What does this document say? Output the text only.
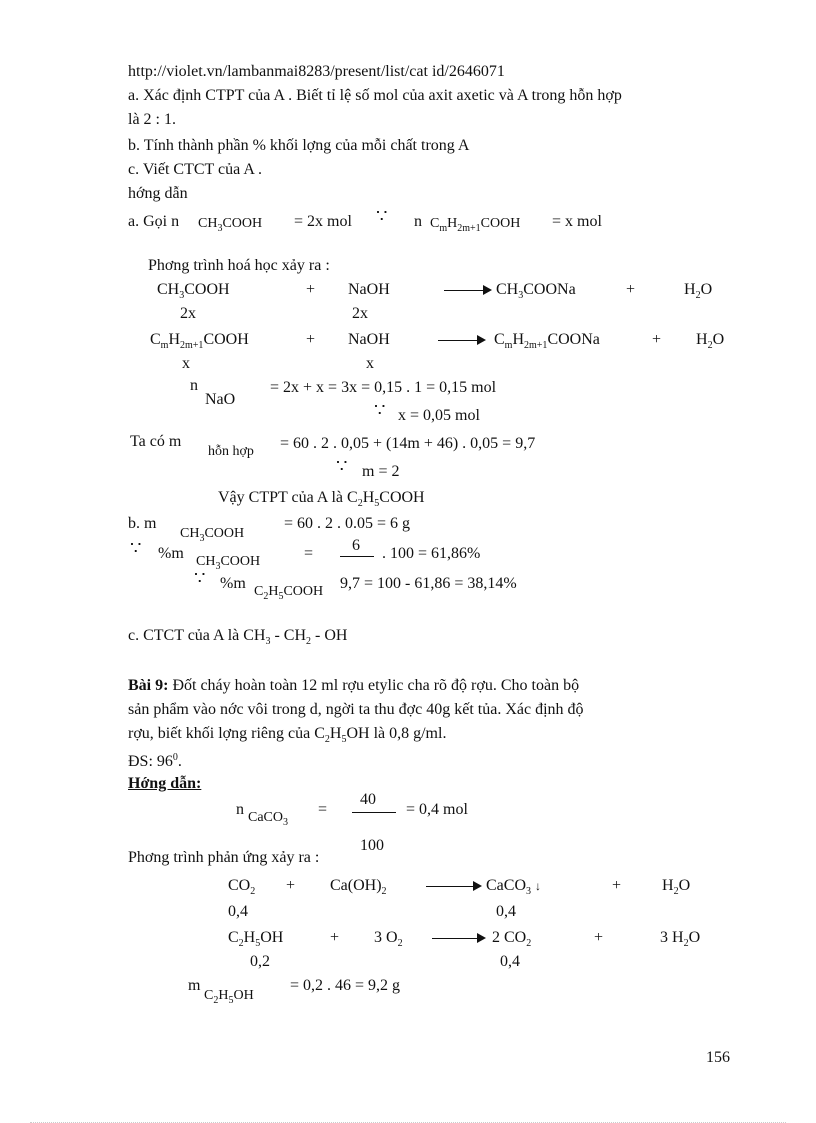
http://violet.vn/lambanmai8283/present/list/cat id/2646071
a. Xác định CTPT của A . Biết tỉ lệ số mol của axit axetic và A trong hỗn hợp
là 2 : 1.
b. Tính thành phần % khối lợng của mỗi chất trong A
c. Viết CTCT của A .
hớng dẫn
a. Gọi n $CH_3COOH = 2x$ mol ∵ n $C_mH_{2m+1}COOH = x$ mol
Phơng trình hoá học xảy ra :
$CH_3COOH$	+ NaOH	→ $CH_3COONa$	+	$H_2O$
2x	2x
$C_mH_{2m+1}COOH$	+ NaOH	→ $C_mH_{2m+1}COONa$	+ $H_2O$
x	x
n
NaO
= 2x + x = 3x = 0,15 . 1 = 0,15 mol
∵ x = 0,05 mol
Ta có m
hỗn hợp = 60 . 2 . 0,05 + (14m + 46) . 0,05 = 9,7
∵ m = 2
Vậy CTPT của A là $C_2H_5COOH$
b. m
$CH_3COOH$
= 60 . 2 . 0.05 = 6 g
∵ %m $CH_3COOH$	= 6 . 100 = 61,86%
∵ %m $C_2H_5COOH$ 9,7 = 100 - 61,86 = 38,14%
c. CTCT của A là $CH_3 - CH_2$ - OH
Bài 9: Đốt cháy hoàn toàn 12 ml rợu etylic cha rõ độ rợu. Cho toàn bộ
sản phẩm vào nớc vôi trong d, ngời ta thu đợc 40g kết tủa. Xác định độ
rợu, biết khối lợng riêng của $C_2H_5OH$ là 0,8 g/ml.
ĐS: $96^0$.
Hớng dẫn:
n CaCO$_3$
=
40
100
= 0,4 mol
Phơng trình phản ứng xảy ra :
$CO_2 + Ca(OH)_2$ → CaCO$_3$ ↓	+	$H_2O$
0,4	0,4
$C_2H_5OH$	+ 3 $O_2 \to 2$ $CO_2$	+	3 $H_2O$
0,2	0,4
m
$C_2H_5OH$
= 0,2 . 46 = 9,2 g
156
